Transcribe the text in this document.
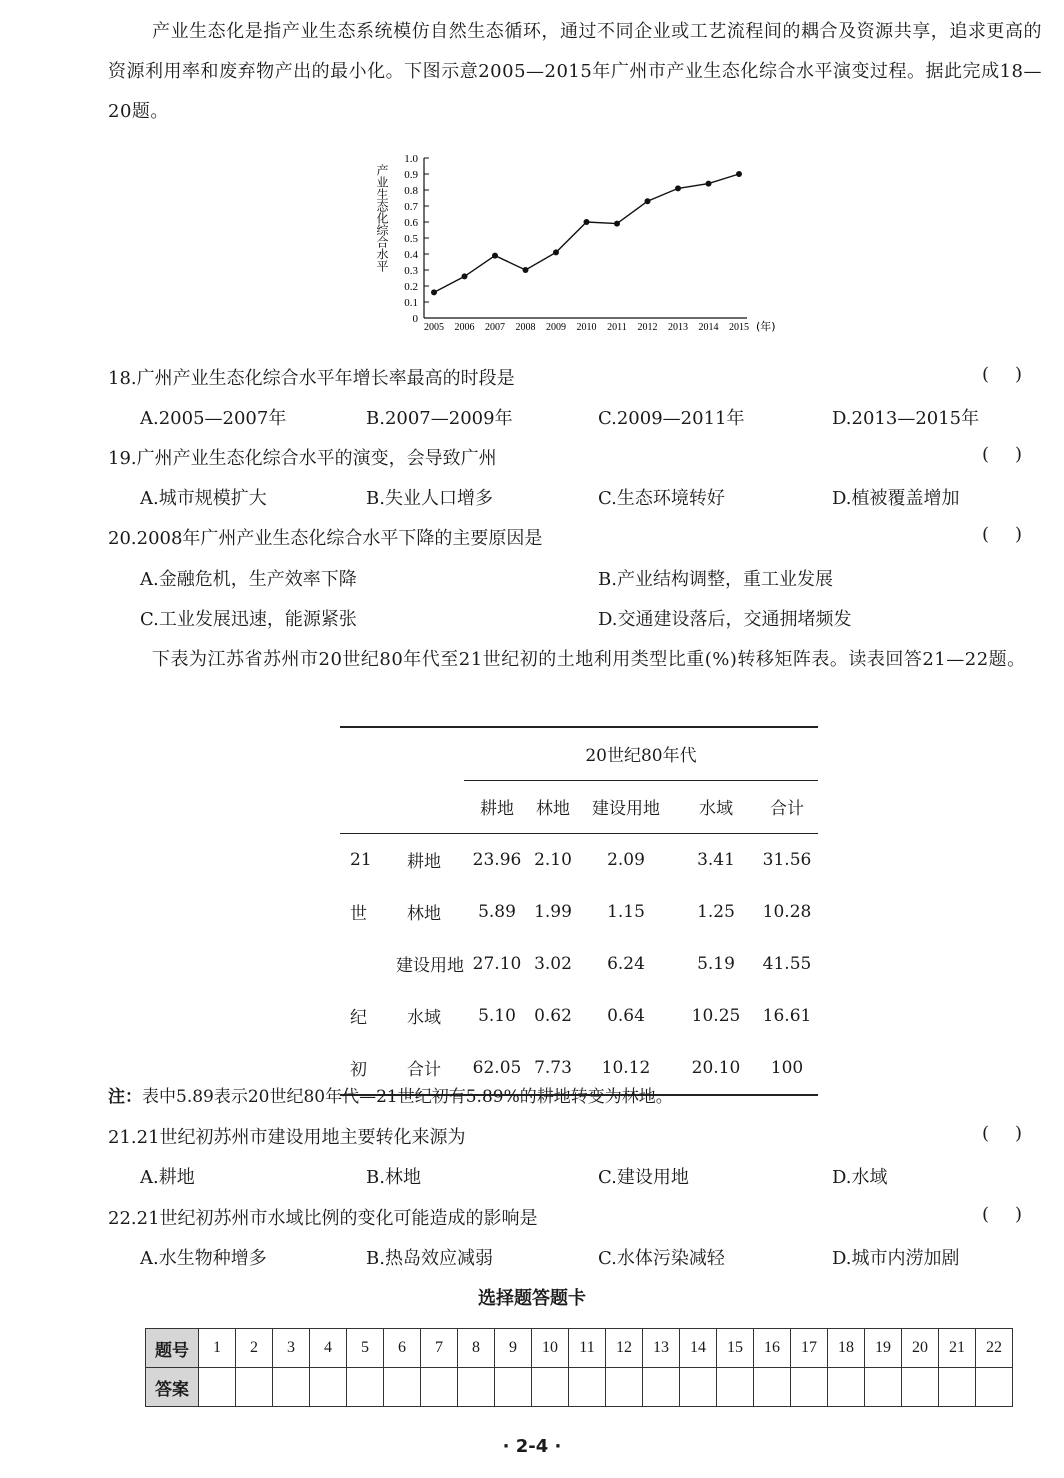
产业生态化是指产业生态系统模仿自然生态循环，通过不同企业或工艺流程间的耦合及资源共享，追求更高的资源利用率和废弃物产出的最小化。下图示意2005—2015年广州市产业生态化综合水平演变过程。据此完成18—20题。
0
0.1
0.2
0.3
0.4
0.5
0.6
0.7
0.8
0.9
1.0
产业生态化综合水平
2005 2006 2007 2008 2009 2010 2011 2012 2013 2014 2015 (年)
18.广州产业生态化综合水平年增长率最高的时段是	()
A.2005—2007年	B.2007—2009年	C.2009—2011年	D.2013—2015年
19.广州产业生态化综合水平的演变，会导致广州	()
A.城市规模扩大	B.失业人口增多	C.生态环境转好	D.植被覆盖增加
20.2008年广州产业生态化综合水平下降的主要原因是	()
A.金融危机，生产效率下降	B.产业结构调整，重工业发展
C.工业发展迅速，能源紧张	D.交通建设落后，交通拥堵频发
下表为江苏省苏州市20世纪80年代至21世纪初的土地利用类型比重(%)转移矩阵表。读表回答21—22题。
		20世纪80年代				
		耕地	林地	建设用地	水域	合计
21	耕地	23.96	2.10	2.09	3.41	31.56
世	林地	5.89	1.99	1.15	1.25	10.28
	建设用地	27.10	3.02	6.24	5.19	41.55
纪	水域	5.10	0.62	0.64	10.25	16.61
初	合计	62.05	7.73	10.12	20.10	100
注：表中5.89表示20世纪80年代—21世纪初有5.89%的耕地转变为林地。
21.21世纪初苏州市建设用地主要转化来源为	()
A.耕地	B.林地	C.建设用地	D.水域
22.21世纪初苏州市水域比例的变化可能造成的影响是	()
A.水生物种增多	B.热岛效应减弱	C.水体污染减轻	D.城市内涝加剧
选择题答题卡
题号	1	2	3	4	5	6	7	8	9	10	11	12	13	14	15	16	17	18	19	20	21	22
答案																						
· 2-4 ·
